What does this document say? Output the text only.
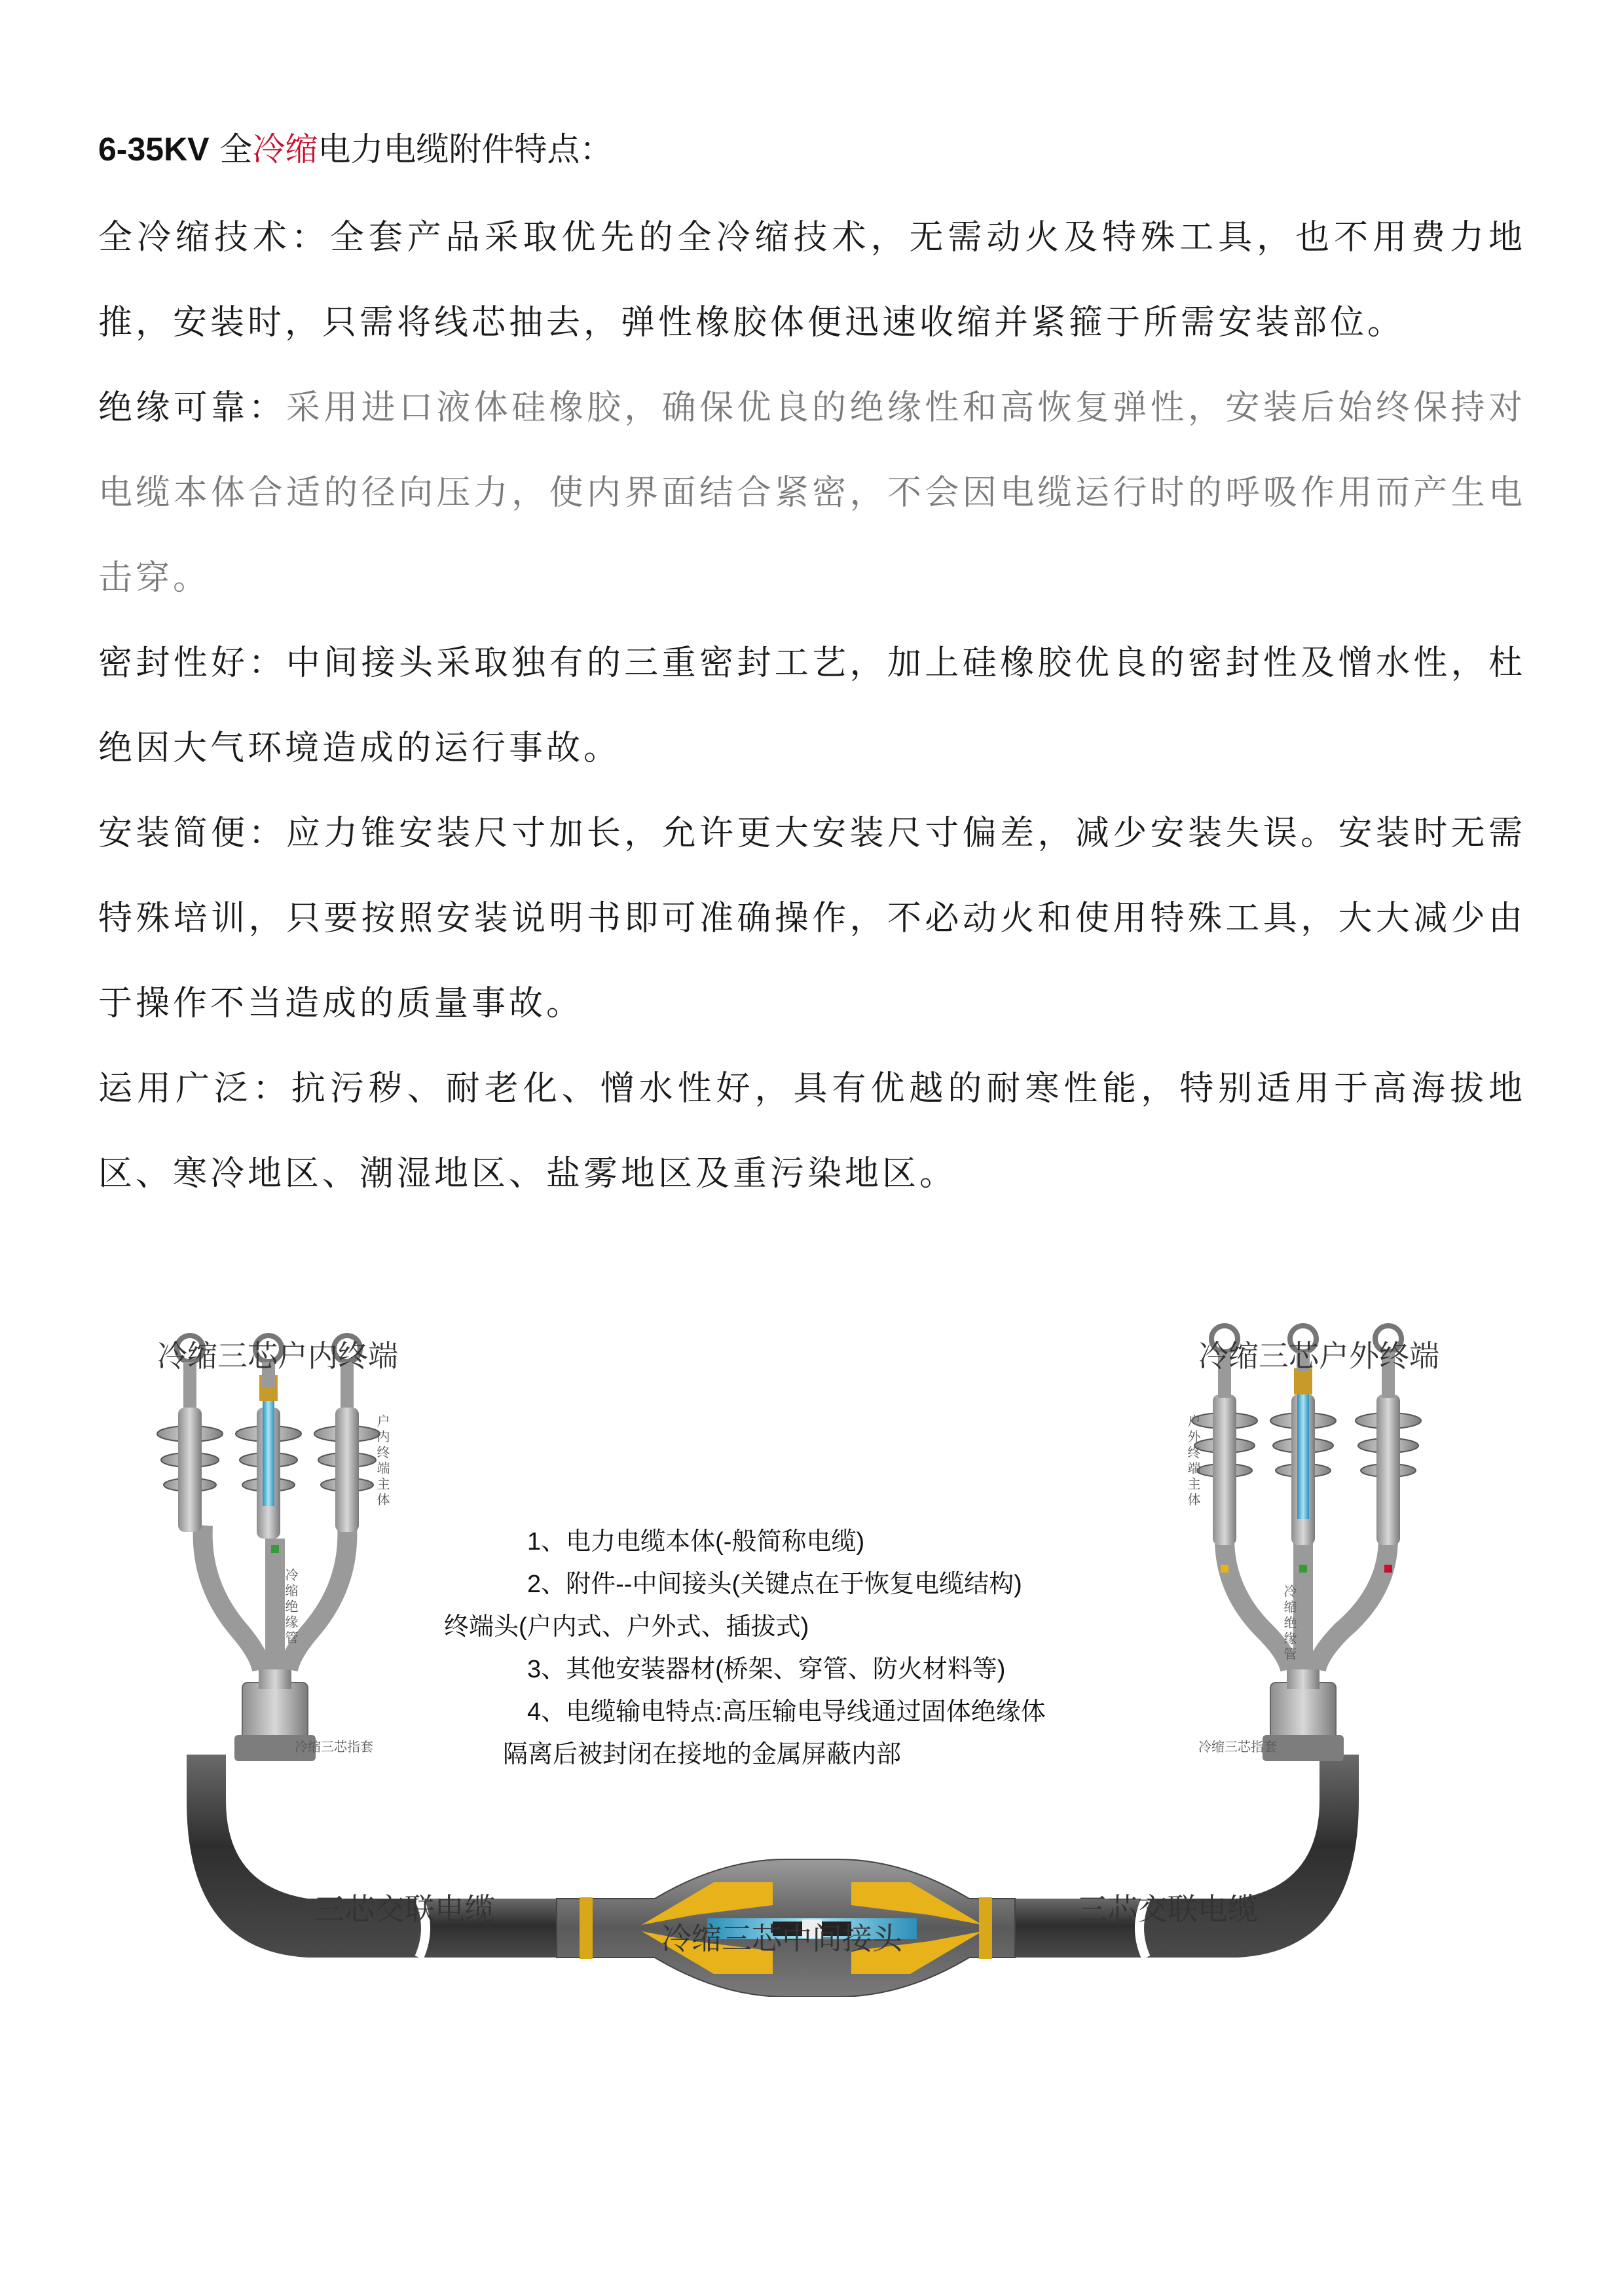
6-35KV 全冷缩电力电缆附件特点：

全冷缩技术：全套产品采取优先的全冷缩技术，无需动火及特殊工具，也不用费力地推，安装时，只需将线芯抽去，弹性橡胶体便迅速收缩并紧箍于所需安装部位。

绝缘可靠：采用进口液体硅橡胶，确保优良的绝缘性和高恢复弹性，安装后始终保持对电缆本体合适的径向压力，使内界面结合紧密，不会因电缆运行时的呼吸作用而产生电击穿。

密封性好：中间接头采取独有的三重密封工艺，加上硅橡胶优良的密封性及憎水性，杜绝因大气环境造成的运行事故。

安装简便：应力锥安装尺寸加长，允许更大安装尺寸偏差，减少安装失误。安装时无需特殊培训，只要按照安装说明书即可准确操作，不必动火和使用特殊工具，大大减少由于操作不当造成的质量事故。

运用广泛：抗污秽、耐老化、憎水性好，具有优越的耐寒性能，特别适用于高海拔地区、寒冷地区、潮湿地区、盐雾地区及重污染地区。

冷缩三芯户内终端	冷缩三芯户外终端
户内终端主体	户外终端主体
冷缩绝缘管	冷缩绝缘管
冷缩三芯指套	冷缩三芯指套
三芯交联电缆	三芯交联电缆
冷缩三芯中间接头
1、电力电缆本体(-般简称电缆)
2、附件--中间接头(关键点在于恢复电缆结构)
终端头(户内式、户外式、插拔式)
3、其他安装器材(桥架、穿管、防火材料等)
4、电缆输电特点:高压输电导线通过固体绝缘体
隔离后被封闭在接地的金属屏蔽内部
